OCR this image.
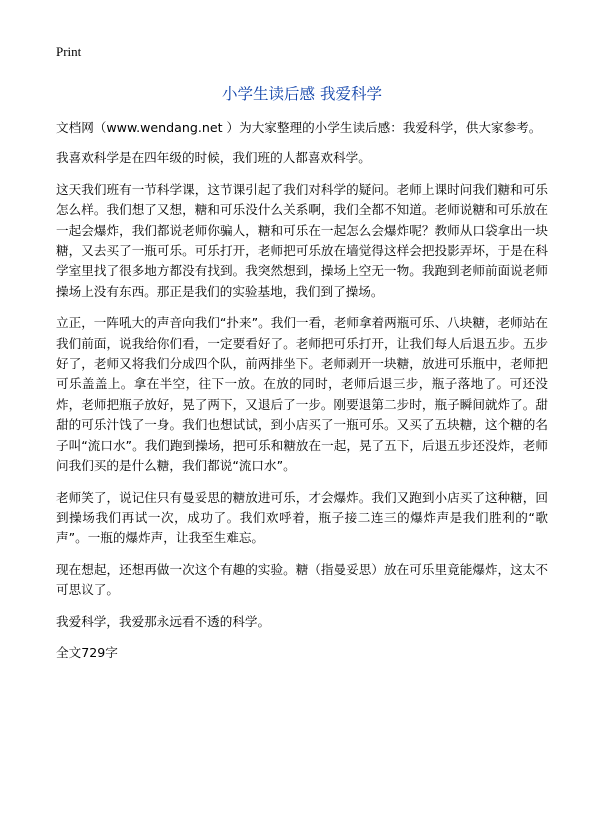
Print
小学生读后感 我爱科学

文档网（www.wendang.net ）为大家整理的小学生读后感：我爱科学，供大家参考。

我喜欢科学是在四年级的时候，我们班的人都喜欢科学。

这天我们班有一节科学课，这节课引起了我们对科学的疑问。老师上课时问我们糖和可乐怎么样。我们想了又想，糖和可乐没什么关系啊，我们全都不知道。老师说糖和可乐放在一起会爆炸，我们都说老师你骗人，糖和可乐在一起怎么会爆炸呢？教师从口袋拿出一块糖，又去买了一瓶可乐。可乐打开，老师把可乐放在墙觉得这样会把投影弄坏，于是在科学室里找了很多地方都没有找到。我突然想到，操场上空无一物。我跑到老师前面说老师操场上没有东西。那正是我们的实验基地，我们到了操场。

立正，一阵吼大的声音向我们“扑来”。我们一看，老师拿着两瓶可乐、八块糖，老师站在我们前面，说我给你们看，一定要看好了。老师把可乐打开，让我们每人后退五步。五步好了，老师又将我们分成四个队，前两排坐下。老师剥开一块糖，放进可乐瓶中，老师把可乐盖盖上。拿在半空，往下一放。在放的同时，老师后退三步，瓶子落地了。可还没炸，老师把瓶子放好，晃了两下，又退后了一步。刚要退第二步时，瓶子瞬间就炸了。甜甜的可乐汁饯了一身。我们也想试试，到小店买了一瓶可乐。又买了五块糖，这个糖的名子叫“流口水”。我们跑到操场，把可乐和糖放在一起，晃了五下，后退五步还没炸，老师问我们买的是什么糖，我们都说“流口水”。

老师笑了，说记住只有曼妥思的糖放进可乐，才会爆炸。我们又跑到小店买了这种糖，回到操场我们再试一次，成功了。我们欢呼着，瓶子接二连三的爆炸声是我们胜利的“歌声”。一瓶的爆炸声，让我至生难忘。

现在想起，还想再做一次这个有趣的实验。糖（指曼妥思）放在可乐里竟能爆炸，这太不可思议了。

我爱科学，我爱那永远看不透的科学。

全文729字
